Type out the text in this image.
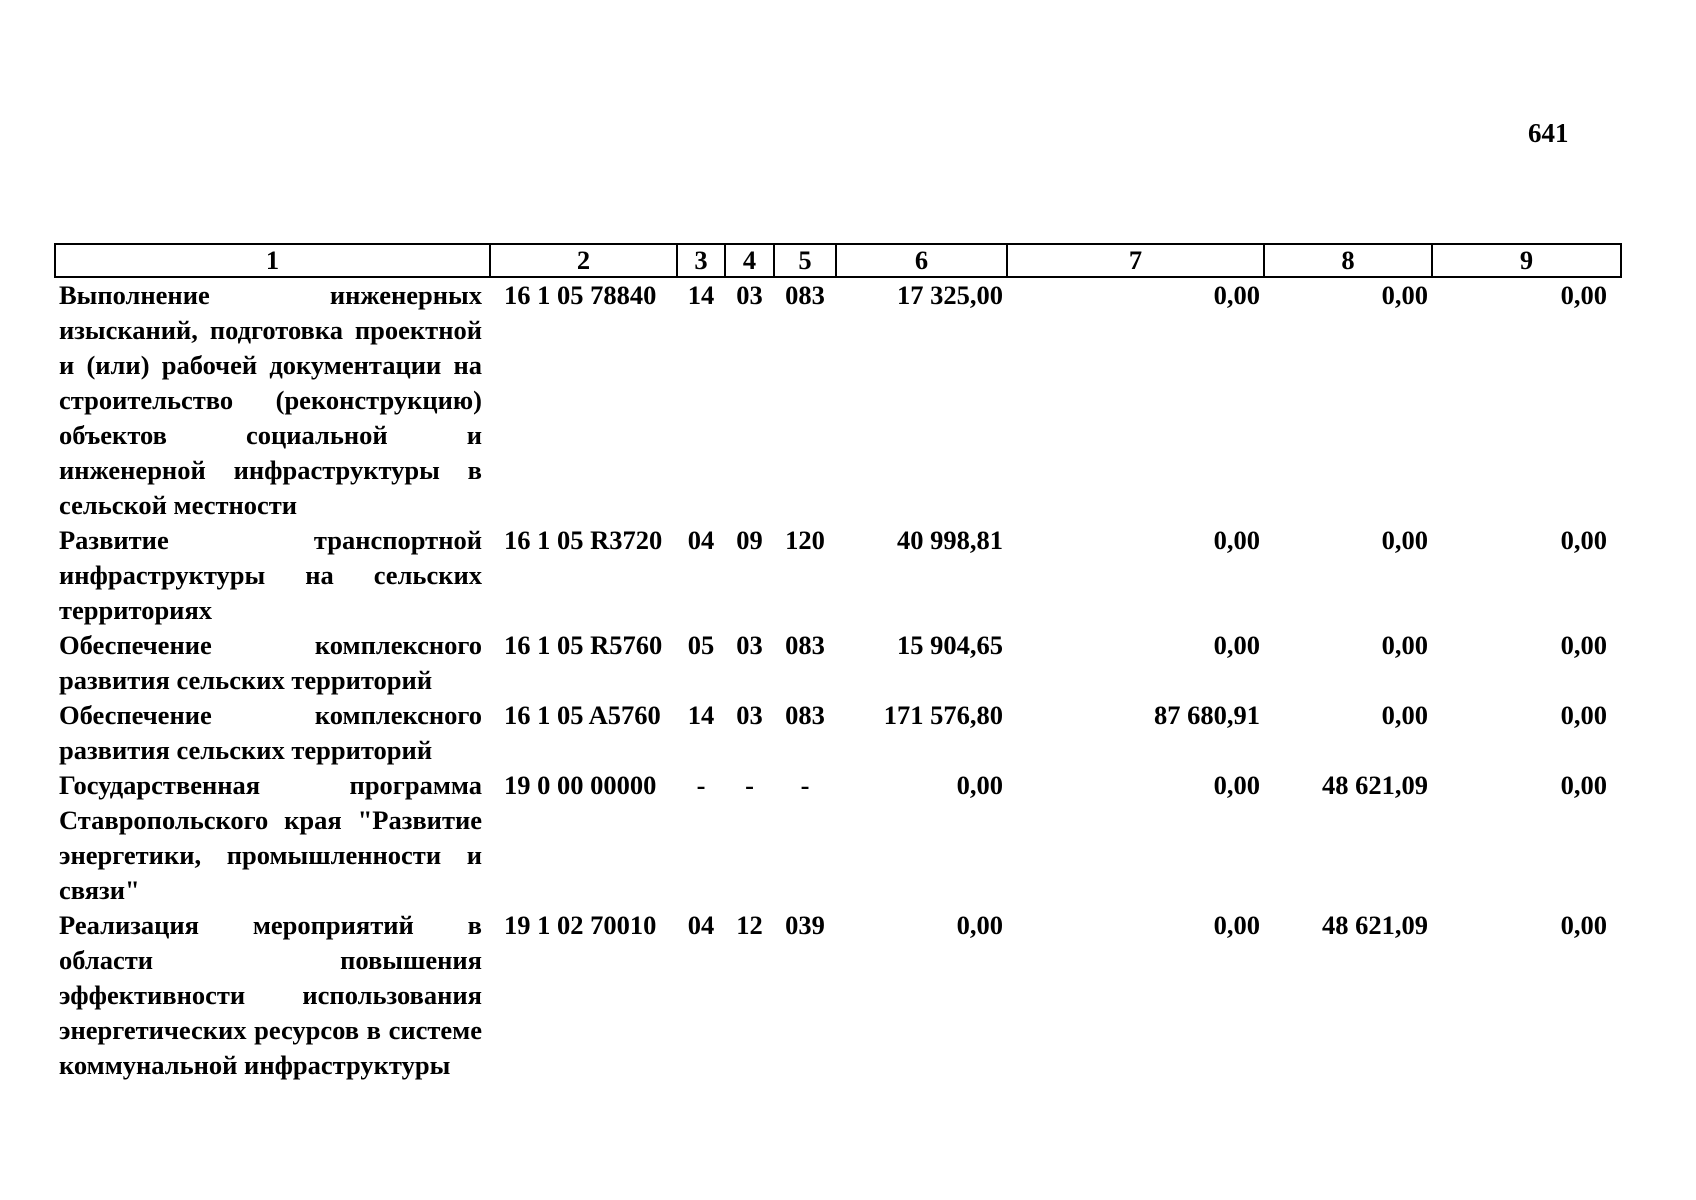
641
1	2	3	4	5	6	7	8	9
Выполнение инженерных изысканий, подготовка проектной и (или) рабочей документации на строительство (реконструкцию) объектов социальной и инженерной инфраструктуры в сельской местности	16 1 05 78840	14	03	083	17 325,00	0,00	0,00	0,00
Развитие транспортной инфраструктуры на сельских территориях	16 1 05 R3720	04	09	120	40 998,81	0,00	0,00	0,00
Обеспечение комплексного развития сельских территорий	16 1 05 R5760	05	03	083	15 904,65	0,00	0,00	0,00
Обеспечение комплексного развития сельских территорий	16 1 05 A5760	14	03	083	171 576,80	87 680,91	0,00	0,00
Государственная программа Ставропольского края "Развитие энергетики, промышленности и связи"	19 0 00 00000	-	-	-	0,00	0,00	48 621,09	0,00
Реализация мероприятий в области повышения эффективности использования энергетических ресурсов в системе коммунальной инфраструктуры	19 1 02 70010	04	12	039	0,00	0,00	48 621,09	0,00
